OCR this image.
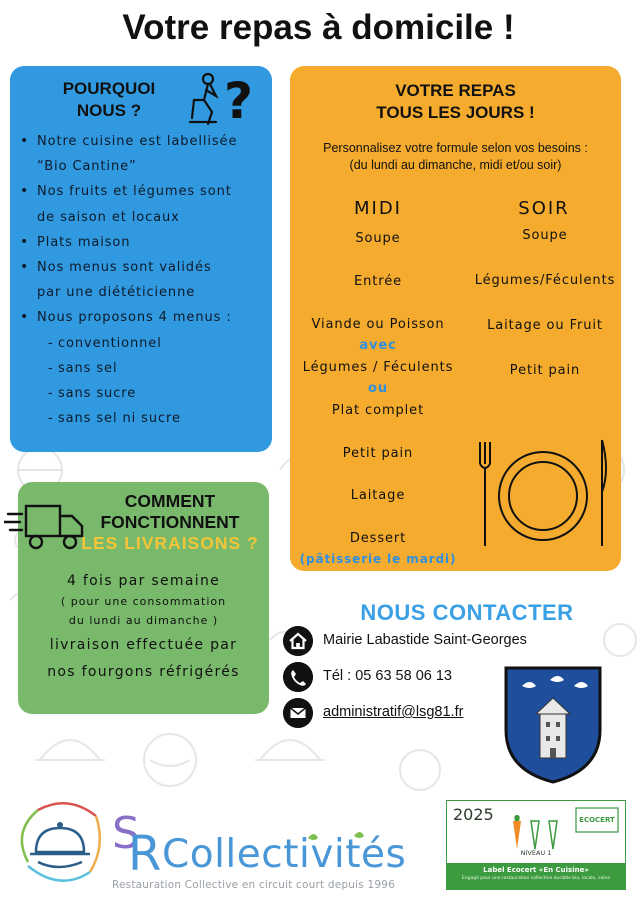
Votre repas à domicile !
POURQUOI
NOUS ?	?
• Notre cuisine est labellisée
“Bio Cantine”
• Nos fruits et légumes sont
de saison et locaux
• Plats maison
• Nos menus sont validés
par une diététicienne
• Nous proposons 4 menus :
- conventionnel
- sans sel
- sans sucre
- sans sel ni sucre
VOTRE REPAS
TOUS LES JOURS !
Personnalisez votre formule selon vos besoins :
(du lundi au dimanche, midi et/ou soir)
MIDI	SOIR
Soupe
Entrée
Viande ou Poisson
avec
Légumes / Féculents
ou
Plat complet
Petit pain
Laitage
Dessert
(pâtisserie le mardi)
Soupe
Légumes/Féculents
Laitage ou Fruit
Petit pain
COMMENT
FONCTIONNENT
LES LIVRAISONS ?
4 fois par semaine
( pour une consommation
du lundi au dimanche )
livraison effectuée par
nos fourgons réfrigérés
NOUS CONTACTER
Mairie Labastide Saint-Georges
Tél : 05 63 58 06 13
administratif@lsg81.fr
S
R Collectivités
Restauration Collective en circuit court depuis 1996
2025	ECOCERT
NIVEAU 1
Label Ecocert «En Cuisine»
Engagé pour une restauration collective durable bio, locale, saine
